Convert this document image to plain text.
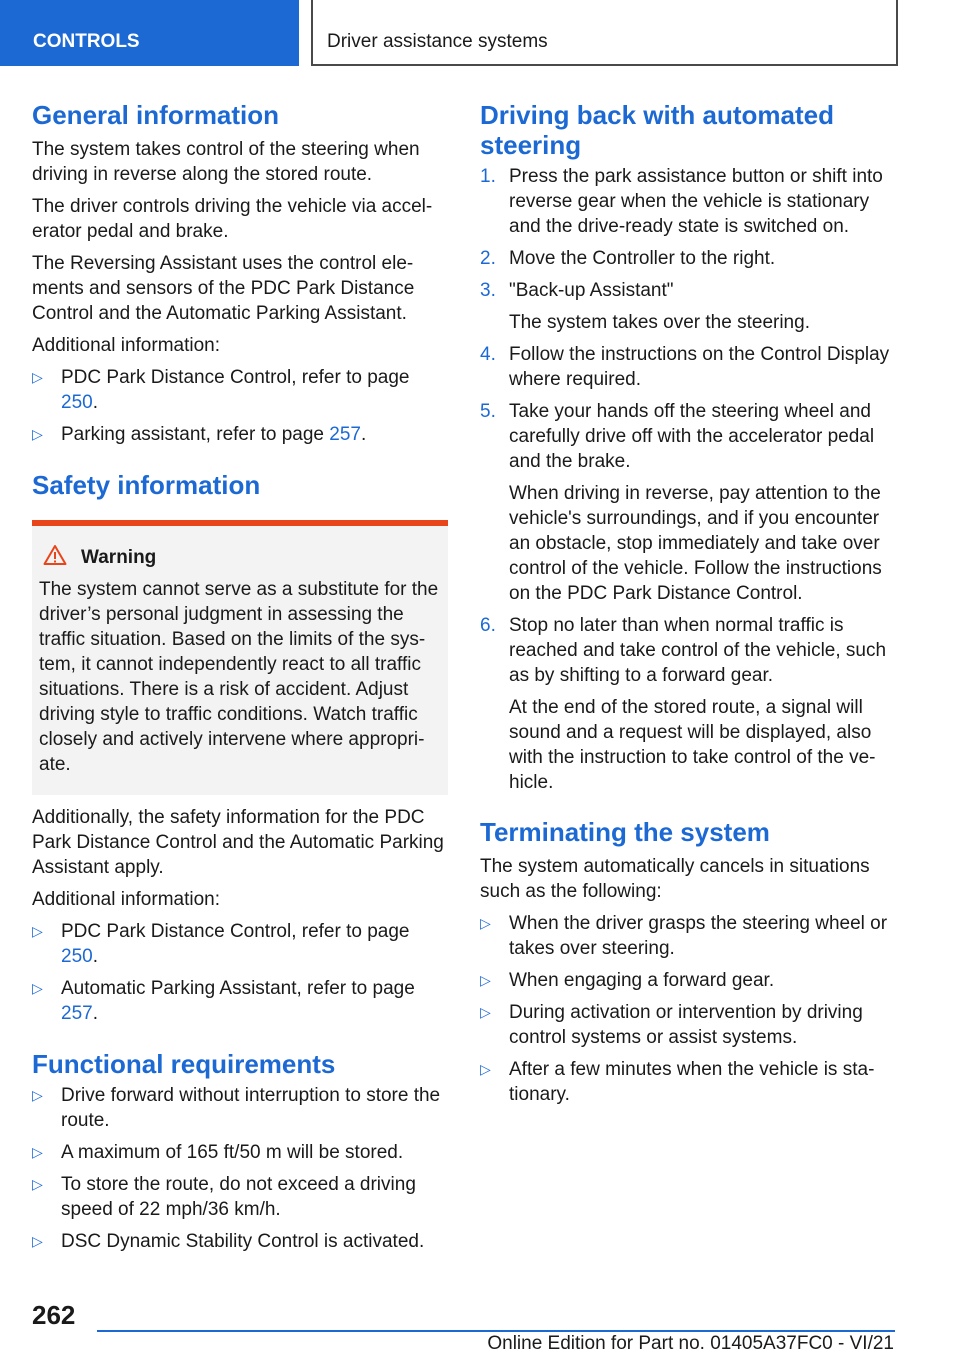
CONTROLS	Driver assistance systems
General information

The system takes control of the steering when driving in reverse along the stored route.

The driver controls driving the vehicle via accelerator pedal and brake.

The Reversing Assistant uses the control elements and sensors of the PDC Park Distance Control and the Automatic Parking Assistant.

Additional information:

▷ PDC Park Distance Control, refer to page 250.
▷ Parking assistant, refer to page 257.
Safety information
Warning

The system cannot serve as a substitute for the driver’s personal judgment in assessing the traffic situation. Based on the limits of the system, it cannot independently react to all traffic situations. There is a risk of accident. Adjust driving style to traffic conditions. Watch traffic closely and actively intervene where appropriate.

Additionally, the safety information for the PDC Park Distance Control and the Automatic Parking Assistant apply.

Additional information:

▷ PDC Park Distance Control, refer to page 250.
▷ Automatic Parking Assistant, refer to page 257.
Functional requirements
▷ Drive forward without interruption to store the route.
▷ A maximum of 165 ft/50 m will be stored.
▷ To store the route, do not exceed a driving speed of 22 mph/36 km/h.
▷ DSC Dynamic Stability Control is activated.
Driving back with automated steering
1. Press the park assistance button or shift into reverse gear when the vehicle is stationary and the drive-ready state is switched on.
2. Move the Controller to the right.
3. "Back-up Assistant"
The system takes over the steering.
4. Follow the instructions on the Control Display where required.
5. Take your hands off the steering wheel and carefully drive off with the accelerator pedal and the brake.
When driving in reverse, pay attention to the vehicle's surroundings, and if you encounter an obstacle, stop immediately and take over control of the vehicle. Follow the instructions on the PDC Park Distance Control.
6. Stop no later than when normal traffic is reached and take control of the vehicle, such as by shifting to a forward gear.
At the end of the stored route, a signal will sound and a request will be displayed, also with the instruction to take control of the vehicle.
Terminating the system

The system automatically cancels in situations such as the following:

▷ When the driver grasps the steering wheel or takes over steering.
▷ When engaging a forward gear.
▷ During activation or intervention by driving control systems or assist systems.
▷ After a few minutes when the vehicle is stationary.
262
Online Edition for Part no. 01405A37FC0 - VI/21
